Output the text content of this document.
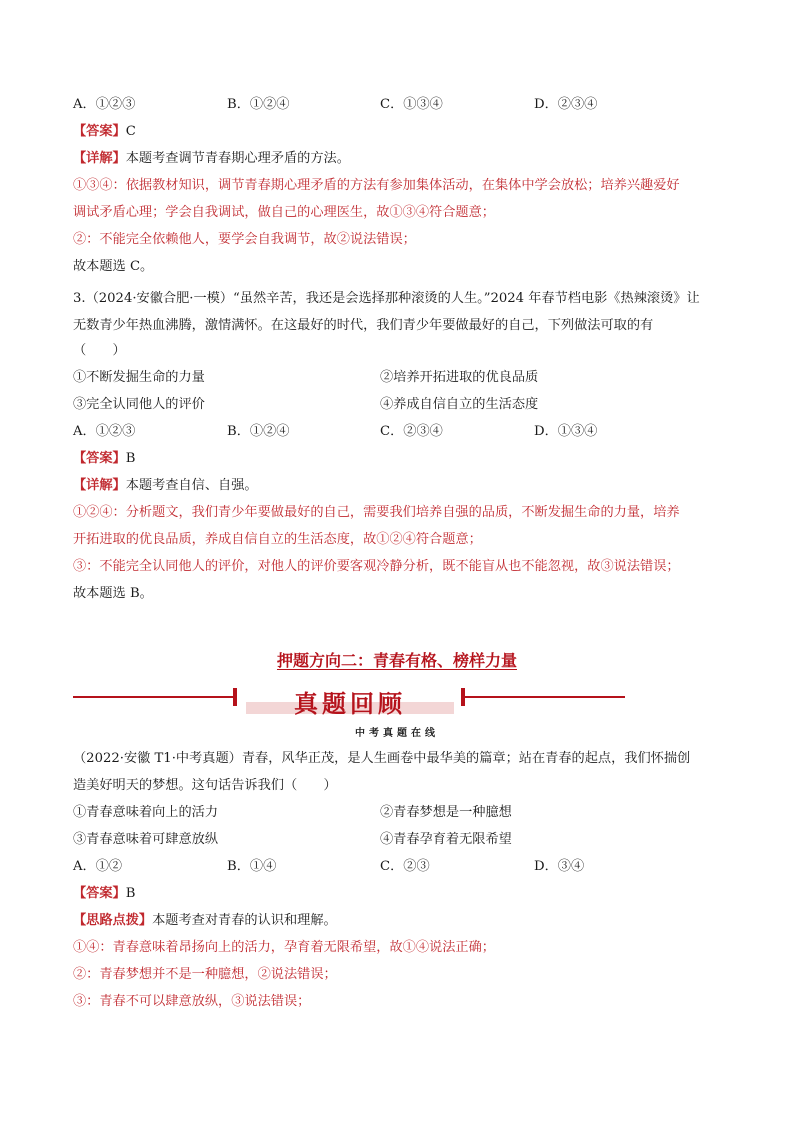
A．①②③	B．①②④	C．①③④	D．②③④
【答案】C
【详解】本题考查调节青春期心理矛盾的方法。
①③④：依据教材知识，调节青春期心理矛盾的方法有参加集体活动，在集体中学会放松；培养兴趣爱好
调试矛盾心理；学会自我调试，做自己的心理医生，故①③④符合题意；
②：不能完全依赖他人，要学会自我调节，故②说法错误；
故本题选 C。
3.（2024·安徽合肥·一模）“虽然辛苦，我还是会选择那种滚烫的人生。”2024 年春节档电影《热辣滚烫》让
无数青少年热血沸腾，激情满怀。在这最好的时代，我们青少年要做最好的自己，下列做法可取的有
（　　）
①不断发掘生命的力量	②培养开拓进取的优良品质
③完全认同他人的评价	④养成自信自立的生活态度
A．①②③	B．①②④	C．②③④	D．①③④
【答案】B
【详解】本题考查自信、自强。
①②④：分析题文，我们青少年要做最好的自己，需要我们培养自强的品质，不断发掘生命的力量，培养
开拓进取的优良品质，养成自信自立的生活态度，故①②④符合题意；
③：不能完全认同他人的评价，对他人的评价要客观冷静分析，既不能盲从也不能忽视，故③说法错误；
故本题选 B。
押题方向二：青春有格、榜样力量
真题回顾
中考真题在线
（2022·安徽 T1·中考真题）青春，风华正茂，是人生画卷中最华美的篇章；站在青春的起点，我们怀揣创
造美好明天的梦想。这句话告诉我们（　　）
①青春意味着向上的活力	②青春梦想是一种臆想
③青春意味着可肆意放纵	④青春孕育着无限希望
A．①②	B．①④	C．②③	D．③④
【答案】B
【思路点拨】本题考查对青春的认识和理解。
①④：青春意味着昂扬向上的活力，孕育着无限希望，故①④说法正确；
②：青春梦想并不是一种臆想，②说法错误；
③：青春不可以肆意放纵，③说法错误；
